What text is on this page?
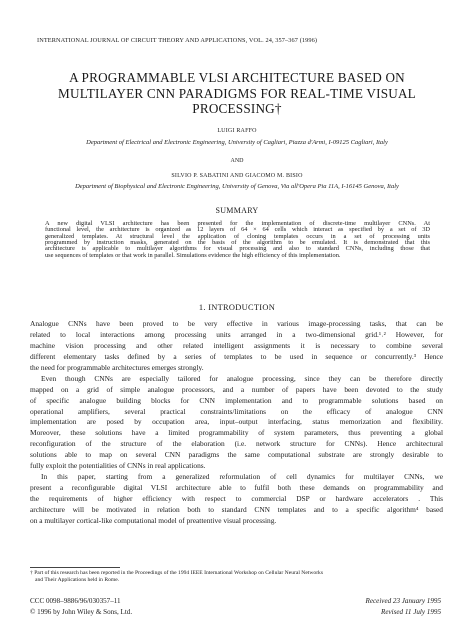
INTERNATIONAL JOURNAL OF CIRCUIT THEORY AND APPLICATIONS, VOL. 24, 357–367 (1996)
A PROGRAMMABLE VLSI ARCHITECTURE BASED ON
MULTILAYER CNN PARADIGMS FOR REAL-TIME VISUAL
PROCESSING†
LUIGI RAFFO
Department of Electrical and Electronic Engineering, University of Cagliari, Piazza d'Armi, I-09125 Cagliari, Italy
AND
SILVIO P. SABATINI AND GIACOMO M. BISIO
Department of Biophysical and Electronic Engineering, University of Genova, Via all'Opera Pia 11A, I-16145 Genova, Italy
SUMMARY
A new digital VLSI architecture has been presented for the implementation of discrete-time multilayer CNNs. At
functional level, the architecture is organized as 12 layers of 64 × 64 cells which interact as specified by a set of 3D
generalized templates. At structural level the application of cloning templates occurs in a set of processing units
programmed by instruction masks, generated on the basis of the algorithm to be emulated. It is demonstrated that this
architecture is applicable to multilayer algorithms for visual processing and also to standard CNNs, including those that
use sequences of templates or that work in parallel. Simulations evidence the high efficiency of this implementation.
1. INTRODUCTION
Analogue CNNs have been proved to be very effective in various image-processing tasks, that can be
related to local interactions among processing units arranged in a two-dimensional grid.¹˒² However, for
machine vision processing and other related intelligent assignments it is necessary to combine several
different elementary tasks defined by a series of templates to be used in sequence or concurrently.³ Hence
the need for programmable architectures emerges strongly.
Even though CNNs are especially tailored for analogue processing, since they can be therefore directly
mapped on a grid of simple analogue processors, and a number of papers have been devoted to the study
of specific analogue building blocks for CNN implementation and to programmable solutions based on
operational amplifiers, several practical constraints/limitations on the efficacy of analogue CNN
implementation are posed by occupation area, input–output interfacing, status memorization and flexibility.
Moreover, these solutions have a limited programmability of system parameters, thus preventing a global
reconfiguration of the structure of the elaboration (i.e. network structure for CNNs). Hence architectural
solutions able to map on several CNN paradigms the same computational substrate are strongly desirable to
fully exploit the potentialities of CNNs in real applications.
In this paper, starting from a generalized reformulation of cell dynamics for multilayer CNNs, we
present a reconfigurable digital VLSI architecture able to fulfil both these demands on programmability and
the requirements of higher efficiency with respect to commercial DSP or hardware accelerators . This
architecture will be motivated in relation both to standard CNN templates and to a specific algorithm⁴ based
on a multilayer cortical-like computational model of preattentive visual processing.
† Part of this research has been reported in the Proceedings of the 1994 IEEE International Workshop on Cellular Neural Networks
and Their Applications held in Rome.
CCC 0098–9886/96/030357–11
© 1996 by John Wiley & Sons, Ltd.
Received 23 January 1995
Revised 11 July 1995
